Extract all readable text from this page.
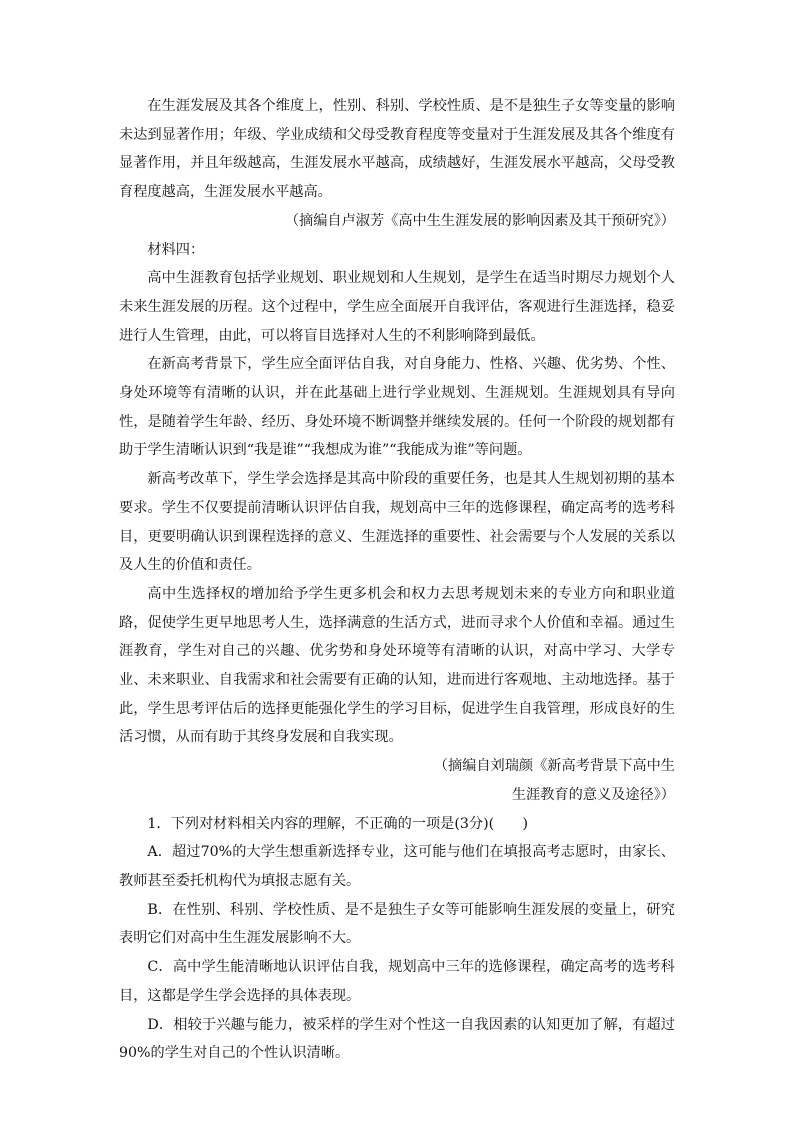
在生涯发展及其各个维度上，性别、科别、学校性质、是不是独生子女等变量的影响未达到显著作用；年级、学业成绩和父母受教育程度等变量对于生涯发展及其各个维度有显著作用，并且年级越高，生涯发展水平越高，成绩越好，生涯发展水平越高，父母受教育程度越高，生涯发展水平越高。

（摘编自卢淑芳《高中生生涯发展的影响因素及其干预研究》）

材料四：

高中生涯教育包括学业规划、职业规划和人生规划，是学生在适当时期尽力规划个人未来生涯发展的历程。这个过程中，学生应全面展开自我评估，客观进行生涯选择，稳妥进行人生管理，由此，可以将盲目选择对人生的不利影响降到最低。

在新高考背景下，学生应全面评估自我，对自身能力、性格、兴趣、优劣势、个性、身处环境等有清晰的认识，并在此基础上进行学业规划、生涯规划。生涯规划具有导向性，是随着学生年龄、经历、身处环境不断调整并继续发展的。任何一个阶段的规划都有助于学生清晰认识到“我是谁”“我想成为谁”“我能成为谁”等问题。

新高考改革下，学生学会选择是其高中阶段的重要任务，也是其人生规划初期的基本要求。学生不仅要提前清晰认识评估自我，规划高中三年的选修课程，确定高考的选考科目，更要明确认识到课程选择的意义、生涯选择的重要性、社会需要与个人发展的关系以及人生的价值和责任。

高中生选择权的增加给予学生更多机会和权力去思考规划未来的专业方向和职业道路，促使学生更早地思考人生，选择满意的生活方式，进而寻求个人价值和幸福。通过生涯教育，学生对自己的兴趣、优劣势和身处环境等有清晰的认识，对高中学习、大学专业、未来职业、自我需求和社会需要有正确的认知，进而进行客观地、主动地选择。基于此，学生思考评估后的选择更能强化学生的学习目标，促进学生自我管理，形成良好的生活习惯，从而有助于其终身发展和自我实现。

（摘编自刘瑞颜《新高考背景下高中生
生涯教育的意义及途径》）

1．下列对材料相关内容的理解，不正确的一项是(3分)(　　)

A．超过70%的大学生想重新选择专业，这可能与他们在填报高考志愿时，由家长、教师甚至委托机构代为填报志愿有关。

B．在性别、科别、学校性质、是不是独生子女等可能影响生涯发展的变量上，研究表明它们对高中生生涯发展影响不大。

C．高中学生能清晰地认识评估自我，规划高中三年的选修课程，确定高考的选考科目，这都是学生学会选择的具体表现。

D．相较于兴趣与能力，被采样的学生对个性这一自我因素的认知更加了解，有超过90%的学生对自己的个性认识清晰。
